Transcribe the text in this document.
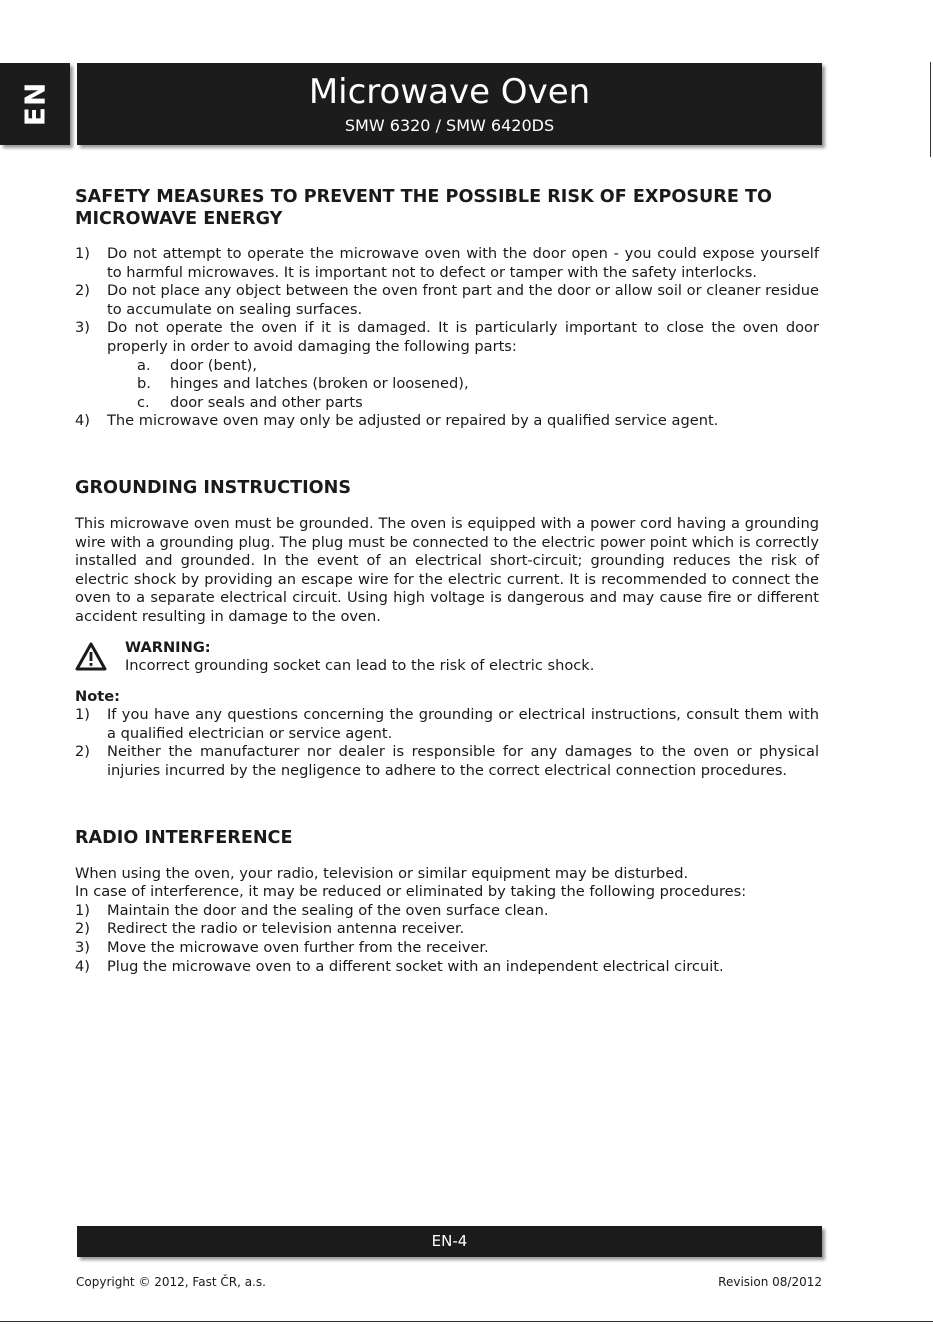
EN	Microwave Oven
SMW 6320 / SMW 6420DS
SAFETY MEASURES TO PREVENT THE POSSIBLE RISK OF EXPOSURE TO
MICROWAVE ENERGY
1) Do not attempt to operate the microwave oven with the door open - you could expose yourself to harmful microwaves. It is important not to defect or tamper with the safety interlocks.
2) Do not place any object between the oven front part and the door or allow soil or cleaner residue to accumulate on sealing surfaces.
3) Do not operate the oven if it is damaged. It is particularly important to close the oven door properly in order to avoid damaging the following parts:
a. door (bent),
b. hinges and latches (broken or loosened),
c. door seals and other parts
4) The microwave oven may only be adjusted or repaired by a qualified service agent.
GROUNDING INSTRUCTIONS

This microwave oven must be grounded. The oven is equipped with a power cord having a grounding wire with a grounding plug. The plug must be connected to the electric power point which is correctly installed and grounded. In the event of an electrical short-circuit; grounding reduces the risk of electric shock by providing an escape wire for the electric current. It is recommended to connect the oven to a separate electrical circuit. Using high voltage is dangerous and may cause fire or different accident resulting in damage to the oven.

WARNING:
Incorrect grounding socket can lead to the risk of electric shock.
Note:
1) If you have any questions concerning the grounding or electrical instructions, consult them with a qualified electrician or service agent.
2) Neither the manufacturer nor dealer is responsible for any damages to the oven or physical injuries incurred by the negligence to adhere to the correct electrical connection procedures.
RADIO INTERFERENCE

When using the oven, your radio, television or similar equipment may be disturbed.

In case of interference, it may be reduced or eliminated by taking the following procedures:

1) Maintain the door and the sealing of the oven surface clean.
2) Redirect the radio or television antenna receiver.
3) Move the microwave oven further from the receiver.
4) Plug the microwave oven to a different socket with an independent electrical circuit.
EN-4
Copyright © 2012, Fast ČR, a.s.	Revision 08/2012
